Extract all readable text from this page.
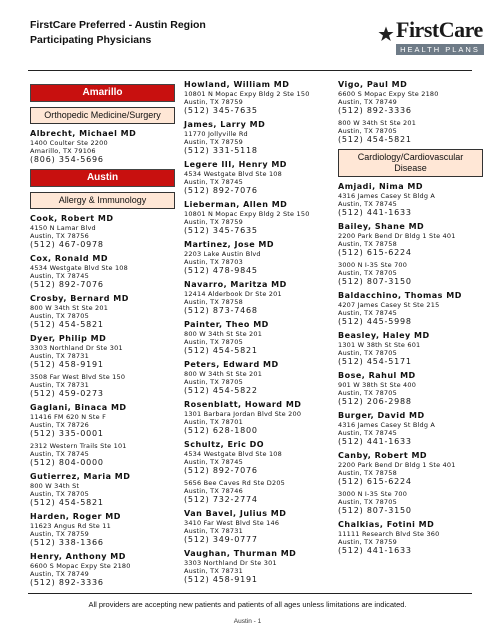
FirstCare Preferred - Austin Region
Participating Physicians	FirstCare
HEALTH PLANS
Amarillo
Orthopedic Medicine/Surgery
Albrecht, Michael MD
1400 Coulter Ste 2200
Amarillo, TX 79106
(806) 354-5696
Austin
Allergy & Immunology
Cook, Robert MD
4150 N Lamar Blvd
Austin, TX 78756
(512) 467-0978
Cox, Ronald MD
4534 Westgate Blvd Ste 108
Austin, TX 78745
(512) 892-7076
Crosby, Bernard MD
800 W 34th St Ste 201
Austin, TX 78705
(512) 454-5821
Dyer, Philip MD
3303 Northland Dr Ste 301
Austin, TX 78731
(512) 458-9191
3508 Far West Blvd Ste 150
Austin, TX 78731
(512) 459-0273
Gaglani, Binaca MD
11416 FM 620 N Ste F
Austin, TX 78726
(512) 335-0001
2312 Western Trails Ste 101
Austin, TX 78745
(512) 804-0000
Gutierrez, Maria MD
800 W 34th St
Austin, TX 78705
(512) 454-5821
Harden, Roger MD
11623 Angus Rd Ste 11
Austin, TX 78759
(512) 338-1366
Henry, Anthony MD
6600 S Mopac Expy Ste 2180
Austin, TX 78749
(512) 892-3336
Howland, William MD
10801 N Mopac Expy Bldg 2 Ste 150
Austin, TX 78759
(512) 345-7635
James, Larry MD
11770 Jollyville Rd
Austin, TX 78759
(512) 331-5118
Legere III, Henry MD
4534 Westgate Blvd Ste 108
Austin, TX 78745
(512) 892-7076
Lieberman, Allen MD
10801 N Mopac Expy Bldg 2 Ste 150
Austin, TX 78759
(512) 345-7635
Martinez, Jose MD
2203 Lake Austin Blvd
Austin, TX 78703
(512) 478-9845
Navarro, Maritza MD
12414 Alderbook Dr Ste 201
Austin, TX 78758
(512) 873-7468
Painter, Theo MD
800 W 34th St Ste 201
Austin, TX 78705
(512) 454-5821
Peters, Edward MD
800 W 34th St Ste 201
Austin, TX 78705
(512) 454-5822
Rosenblatt, Howard MD
1301 Barbara Jordan Blvd Ste 200
Austin, TX 78701
(512) 628-1800
Schultz, Eric DO
4534 Westgate Blvd Ste 108
Austin, TX 78745
(512) 892-7076
5656 Bee Caves Rd Ste D205
Austin, TX 78746
(512) 732-2774
Van Bavel, Julius MD
3410 Far West Blvd Ste 146
Austin, TX 78731
(512) 349-0777
Vaughan, Thurman MD
3303 Northland Dr Ste 301
Austin, TX 78731
(512) 458-9191
Vigo, Paul MD
6600 S Mopac Expy Ste 2180
Austin, TX 78749
(512) 892-3336
800 W 34th St Ste 201
Austin, TX 78705
(512) 454-5821
Cardiology/Cardiovascular Disease
Amjadi, Nima MD
4316 James Casey St Bldg A
Austin, TX 78745
(512) 441-1633
Bailey, Shane MD
2200 Park Bend Dr Bldg 1 Ste 401
Austin, TX 78758
(512) 615-6224
3000 N I-35 Ste 700
Austin, TX 78705
(512) 807-3150
Baldacchino, Thomas MD
4207 James Casey St Ste 215
Austin, TX 78745
(512) 445-5998
Beasley, Haley MD
1301 W 38th St Ste 601
Austin, TX 78705
(512) 454-5171
Bose, Rahul MD
901 W 38th St Ste 400
Austin, TX 78705
(512) 206-2988
Burger, David MD
4316 James Casey St Bldg A
Austin, TX 78745
(512) 441-1633
Canby, Robert MD
2200 Park Bend Dr Bldg 1 Ste 401
Austin, TX 78758
(512) 615-6224
3000 N I-35 Ste 700
Austin, TX 78705
(512) 807-3150
Chalkias, Fotini MD
11111 Research Blvd Ste 360
Austin, TX 78759
(512) 441-1633
All providers are accepting new patients and patients of all ages unless limitations are indicated.
Austin - 1
